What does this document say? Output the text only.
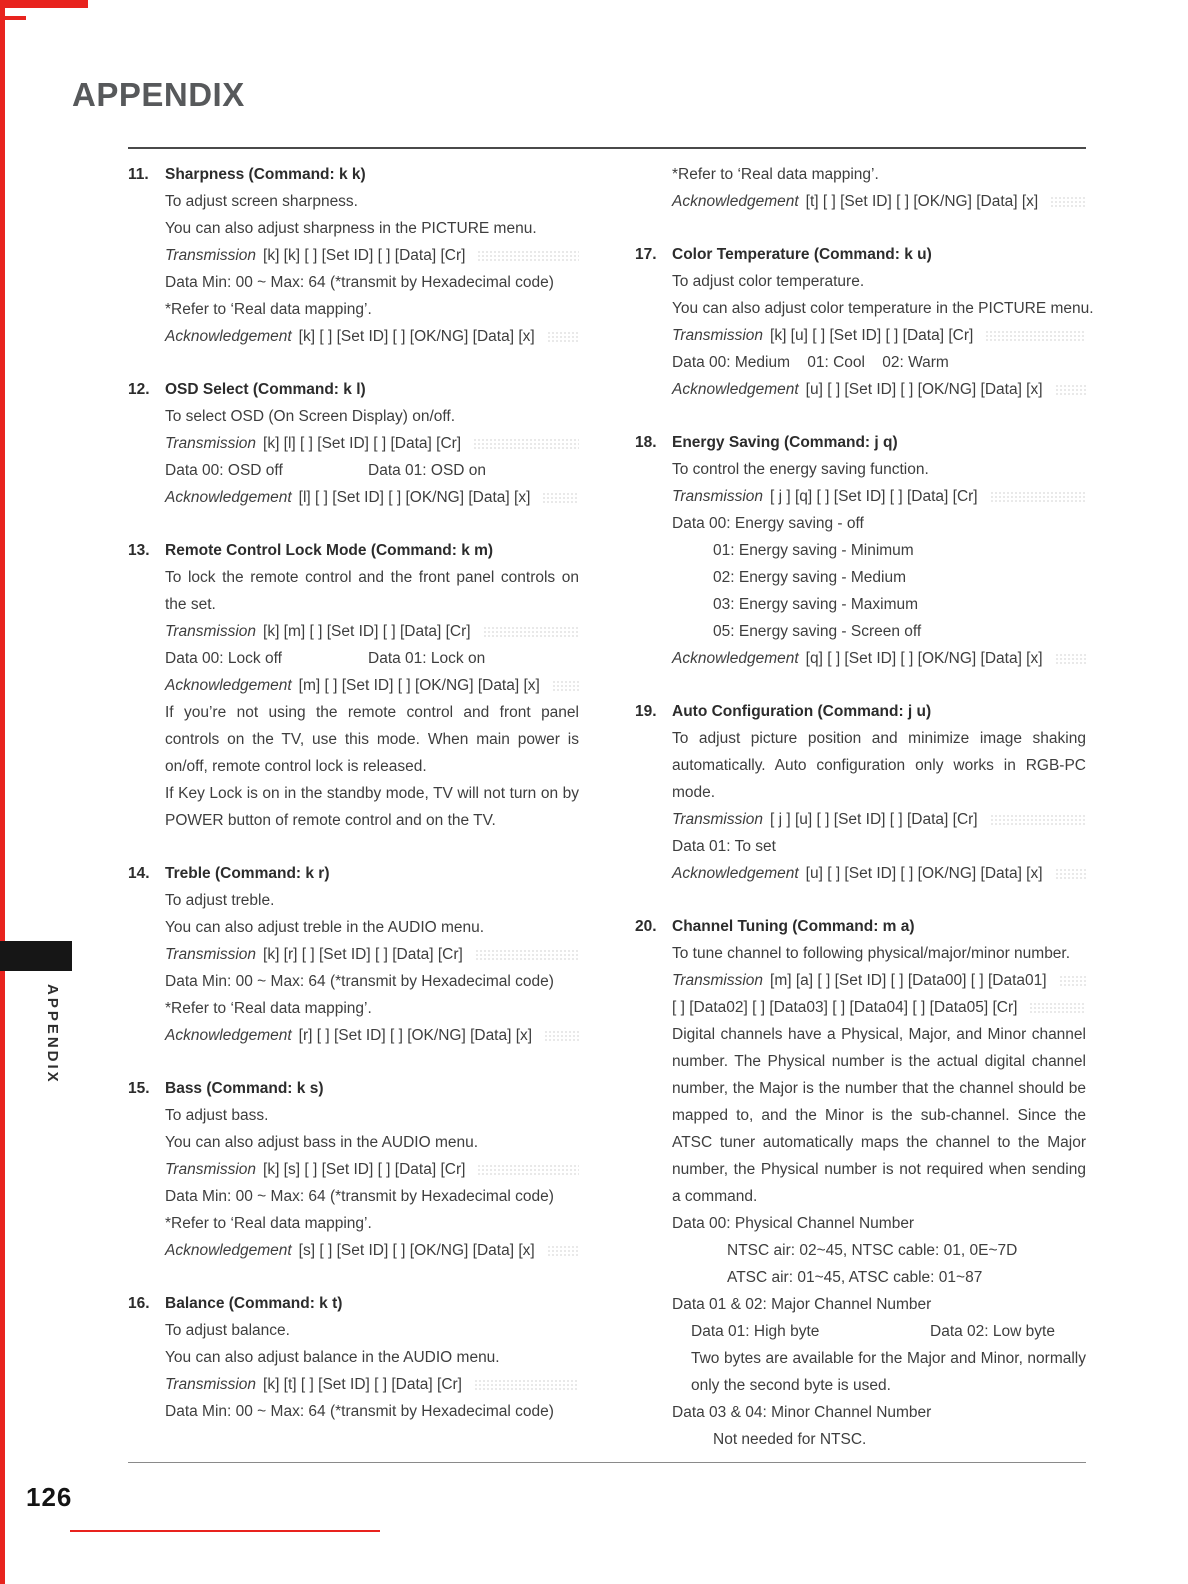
APPENDIX
11.	Sharpness (Command: k k)
To adjust screen sharpness.
You can also adjust sharpness in the PICTURE menu.
Transmission [k] [k] [ ] [Set ID] [ ] [Data] [Cr]
Data Min: 00 ~ Max: 64 (*transmit by Hexadecimal code)
*Refer to ‘Real data mapping’.
Acknowledgement [k] [ ] [Set ID] [ ] [OK/NG] [Data] [x]
12. OSD Select (Command: k l)
To select OSD (On Screen Display) on/off.
Transmission [k] [l] [ ] [Set ID] [ ] [Data] [Cr]
Data 00: OSD off	Data 01: OSD on
Acknowledgement [l] [ ] [Set ID] [ ] [OK/NG] [Data] [x]
13. Remote Control Lock Mode (Command: k m)
To lock the remote control and the front panel controls on the set.
Transmission [k] [m] [ ] [Set ID] [ ] [Data] [Cr]
Data 00: Lock off	Data 01: Lock on
Acknowledgement [m] [ ] [Set ID] [ ] [OK/NG] [Data] [x]
If you’re not using the remote control and front panel controls on the TV, use this mode. When main power is on/off, remote control lock is released.
If Key Lock is on in the standby mode, TV will not turn on by POWER button of remote control and on the TV.
14. Treble (Command: k r)
To adjust treble.
You can also adjust treble in the AUDIO menu.
Transmission [k] [r] [ ] [Set ID] [ ] [Data] [Cr]
Data Min: 00 ~ Max: 64 (*transmit by Hexadecimal code)
*Refer to ‘Real data mapping’.
Acknowledgement [r] [ ] [Set ID] [ ] [OK/NG] [Data] [x]
15. Bass (Command: k s)
To adjust bass.
You can also adjust bass in the AUDIO menu.
Transmission [k] [s] [ ] [Set ID] [ ] [Data] [Cr]
Data Min: 00 ~ Max: 64 (*transmit by Hexadecimal code)
*Refer to ‘Real data mapping’.
Acknowledgement [s] [ ] [Set ID] [ ] [OK/NG] [Data] [x]
16. Balance (Command: k t)
To adjust balance.
You can also adjust balance in the AUDIO menu.
Transmission [k] [t] [ ] [Set ID] [ ] [Data] [Cr]
Data Min: 00 ~ Max: 64 (*transmit by Hexadecimal code)
*Refer to ‘Real data mapping’.
Acknowledgement [t] [ ] [Set ID] [ ] [OK/NG] [Data] [x]
17. Color Temperature (Command: k u)
To adjust color temperature.
You can also adjust color temperature in the PICTURE menu.
Transmission [k] [u] [ ] [Set ID] [ ] [Data] [Cr]
Data 00: Medium    01: Cool    02: Warm
Acknowledgement [u] [ ] [Set ID] [ ] [OK/NG] [Data] [x]
18. Energy Saving (Command: j q)
To control the energy saving function.
Transmission [ j ] [q] [ ] [Set ID] [ ] [Data] [Cr]
Data 00: Energy saving - off
01: Energy saving - Minimum
02: Energy saving - Medium
03: Energy saving - Maximum
05: Energy saving - Screen off
Acknowledgement [q] [ ] [Set ID] [ ] [OK/NG] [Data] [x]
19. Auto Configuration (Command: j u)
To adjust picture position and minimize image shaking automatically. Auto configuration only works in RGB-PC mode.
Transmission [ j ] [u] [ ] [Set ID] [ ] [Data] [Cr]
Data 01: To set
Acknowledgement [u] [ ] [Set ID] [ ] [OK/NG] [Data] [x]
20. Channel Tuning (Command: m a)
To tune channel to following physical/major/minor number.
Transmission [m] [a] [ ] [Set ID] [ ] [Data00] [ ] [Data01]
[ ] [Data02] [ ] [Data03] [ ] [Data04] [ ] [Data05] [Cr]
Digital channels have a Physical, Major, and Minor channel number. The Physical number is the actual digital channel number, the Major is the number that the channel should be mapped to, and the Minor is the sub-channel. Since the ATSC tuner automatically maps the channel to the Major number, the Physical number is not required when sending a command.
Data 00: Physical Channel Number
NTSC air: 02~45, NTSC cable: 01, 0E~7D
ATSC air: 01~45, ATSC cable: 01~87
Data 01 & 02: Major Channel Number
Data 01: High byte	Data 02: Low byte
Two bytes are available for the Major and Minor, normally only the second byte is used.
Data 03 & 04: Minor Channel Number
Not needed for NTSC.
APPENDIX
126
